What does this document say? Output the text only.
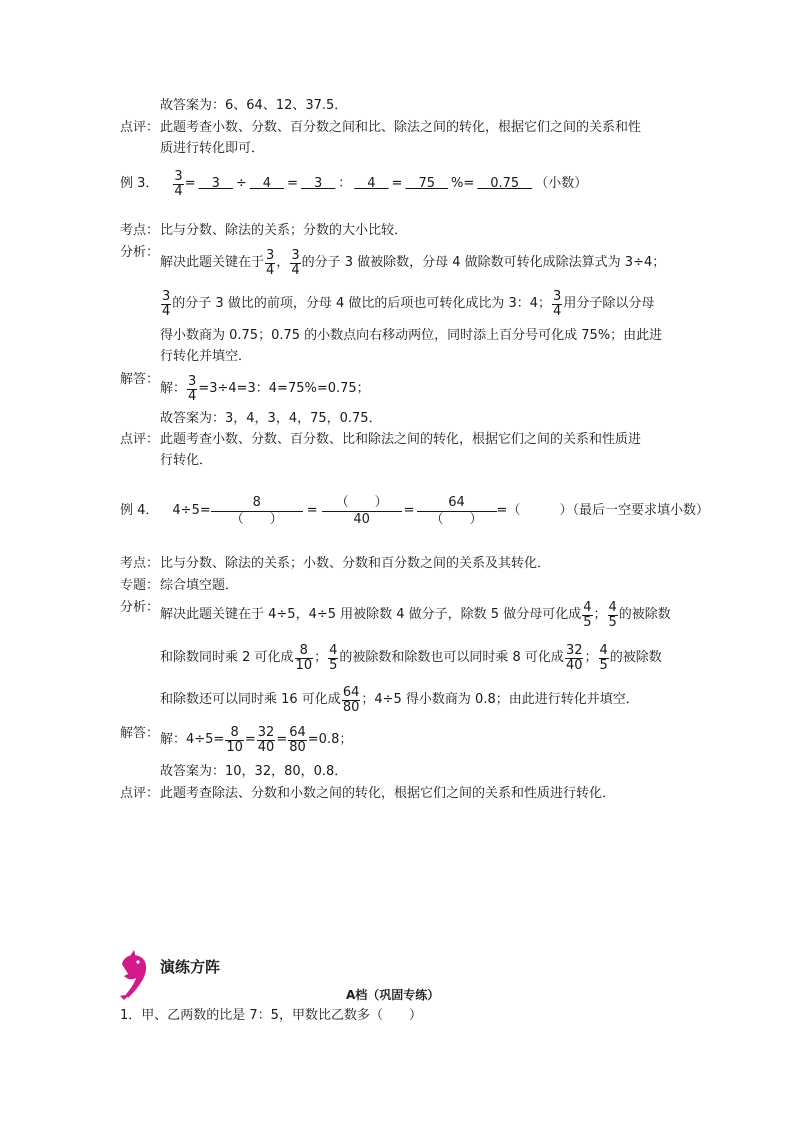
故答案为：6、64、12、37.5．
点评： 此题考查小数、分数、百分数之间和比、除法之间的转化，根据它们之间的关系和性
质进行转化即可．
例 3． $\frac{3}{4}$ = ＿3＿ ÷ ＿4＿ = ＿3＿ ： ＿4＿ = ＿75＿ %= ＿0.75＿ （小数）
考点： 比与分数、除法的关系；分数的大小比较．
分析：
解决此题关键在于 $\frac{3}{4}$ ， $\frac{3}{4}$ 的分子 3 做被除数，分母 4 做除数可转化成除法算式为 3÷4；
$\frac{3}{4}$ 的分子 3 做比的前项，分母 4 做比的后项也可转化成比为 3：4； $\frac{3}{4}$ 用分子除以分母
得小数商为 0.75；0.75 的小数点向右移动两位，同时添上百分号可化成 75%；由此进
行转化并填空．
解答：
解： $\frac{3}{4} =3\div 4=3$：4=75%=0.75；
故答案为：3，4，3，4，75，0.75．
点评： 此题考查小数、分数、百分数、比和除法之间的转化，根据它们之间的关系和性质进
行转化．
例 4． 4÷5=
8
（　　）
=
（　　）
40
=
64
（　　）
=（　　　）（最后一空要求填小数）
考点： 比与分数、除法的关系；小数、分数和百分数之间的关系及其转化．
专题： 综合填空题．
分析： 解决此题关键在于 4÷5，4÷5 用被除数 4 做分子，除数 5 做分母可化成 $\frac{4}{5}$ ； $\frac{4}{5}$ 的被除数
和除数同时乘 2 可化成 $\frac{8}{10}$ ； $\frac{4}{5}$ 的被除数和除数也可以同时乘 8 可化成 $\frac{32}{40}$ ； $\frac{4}{5}$ 的被除数
和除数还可以同时乘 16 可化成 $\frac{64}{80}$ ；4÷5 得小数商为 0.8；由此进行转化并填空．
解答： 解：$4\div 5= \frac{8}{10} = \frac{32}{40} = \frac{64}{80} =0.8$；
故答案为：10，32，80，0.8．
点评： 此题考查除法、分数和小数之间的转化，根据它们之间的关系和性质进行转化．
演练方阵
A档（巩固专练）
1．甲、乙两数的比是 7：5，甲数比乙数多（　　）
